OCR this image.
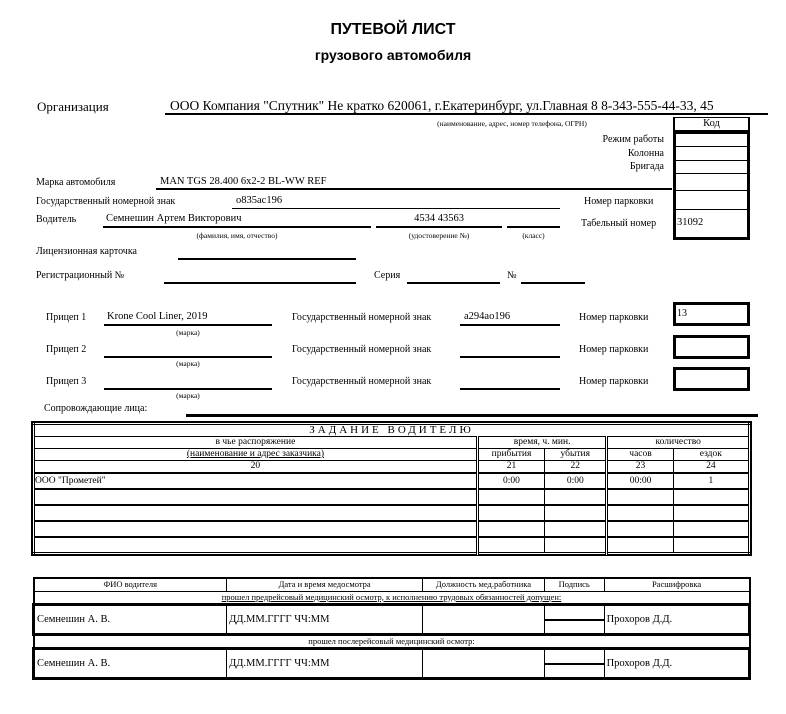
ПУТЕВОЙ ЛИСТ
грузового автомобиля
Организация	ООО Компания "Спутник" Не кратко 620061, г.Екатеринбург, ул.Главная 8 8-343-555-44-33, 45
(наименование, адрес, номер телефона, ОГРН)	Код
Режим работы
Колонна
Бригада
Номер парковки
Табельный номер 31092
Марка автомобиля	MAN TGS 28.400 6x2-2 BL-WW REF
Государственный номерной знак	о835ас196
Водитель	Семнешин Артем Викторович
(фамилия, имя, отчество)
4534 43563
(удостоверение №)	(класс)
Лицензионная карточка
Регистрационный №	Серия	№
Прицеп 1 Krone Cool Liner, 2019
(марка)
Государственный номерной знак	а294ао196	Номер парковки	13
Прицеп 2
(марка)
Государственный номерной знак	Номер парковки
Прицеп 3
(марка)
Государственный номерной знак	Номер парковки
Сопровождающие лица:
ЗАДАНИЕ ВОДИТЕЛЮ				
в чье распоряжение	время, ч. мин.		количество	
(наименование и адрес заказчика)	прибытия	убытия	часов	ездок
20	21	22	23	24
ООО "Прометей"	0:00	0:00	00:00	1

ФИО водителя	Дата и время медосмотра	Должность мед.работника	Подпись	Расшифровка
прошел предрейсовый медицинский осмотр, к исполнению трудовых обязанностей допущен:				
Семнешин А. В.	ДД.ММ.ГГГГ ЧЧ:ММ			Прохоров Д.Д.
прошел послерейсовый медицинский осмотр:				
Семнешин А. В.	ДД.ММ.ГГГГ ЧЧ:ММ			Прохоров Д.Д.
